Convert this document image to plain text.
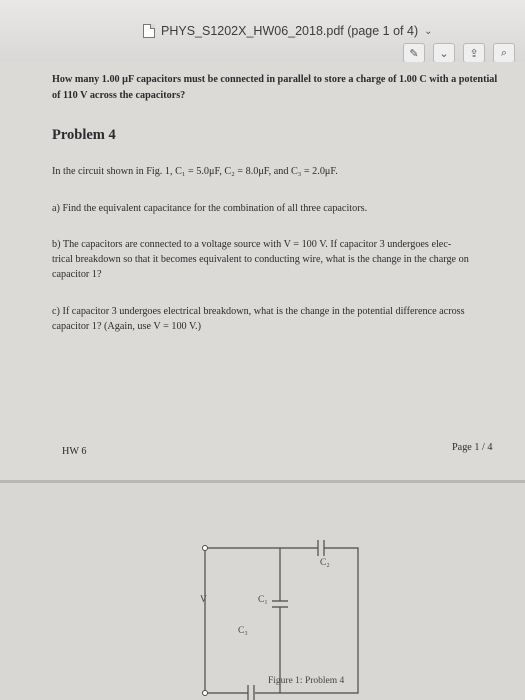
PHYS_S1202X_HW06_2018.pdf (page 1 of 4) ⌄
✎	⌄	⇪	⌕
How many 1.00 μF capacitors must be connected in parallel to store a charge of 1.00 C with a potential
of 110 V across the capacitors?
Problem 4
In the circuit shown in Fig. 1, C₁ = 5.0μF, C₂ = 8.0μF, and C₃ = 2.0μF.
a) Find the equivalent capacitance for the combination of all three capacitors.
b) The capacitors are connected to a voltage source with V = 100 V. If capacitor 3 undergoes elec-
trical breakdown so that it becomes equivalent to conducting wire, what is the change in the charge on
capacitor 1?
c) If capacitor 3 undergoes electrical breakdown, what is the change in the potential difference across
capacitor 1? (Again, use V = 100 V.)
HW 6	Page 1 / 4
C₂
C₁
C₃
V
Figure 1: Problem 4
